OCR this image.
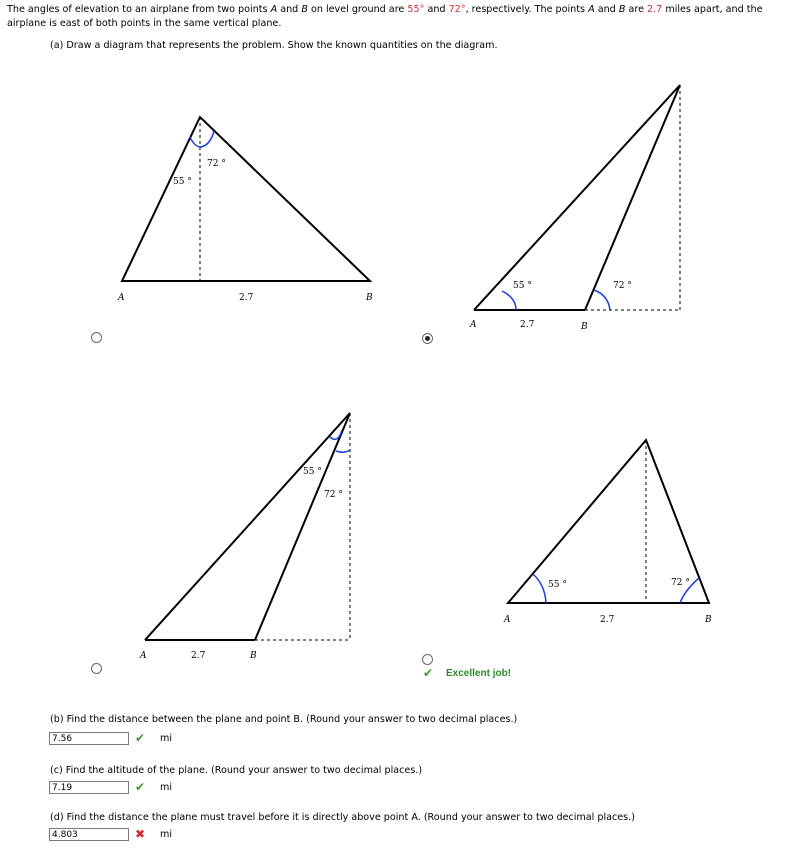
The angles of elevation to an airplane from two points A and B on level ground are 55° and 72°, respectively. The points A and B are 2.7 miles apart, and the airplane is east of both points in the same vertical plane.
(a) Draw a diagram that represents the problem. Show the known quantities on the diagram.
72 °
55 °
A	2.7	B
55 °	72 °
A	2.7	B
55 °
72 °
A	2.7	B
55 °	72 °
A	2.7	B
✔ Excellent job!
(b) Find the distance between the plane and point B. (Round your answer to two decimal places.)
7.56	✔ mi
(c) Find the altitude of the plane. (Round your answer to two decimal places.)
7.19	✔ mi
(d) Find the distance the plane must travel before it is directly above point A. (Round your answer to two decimal places.)
4.803	✖ mi
